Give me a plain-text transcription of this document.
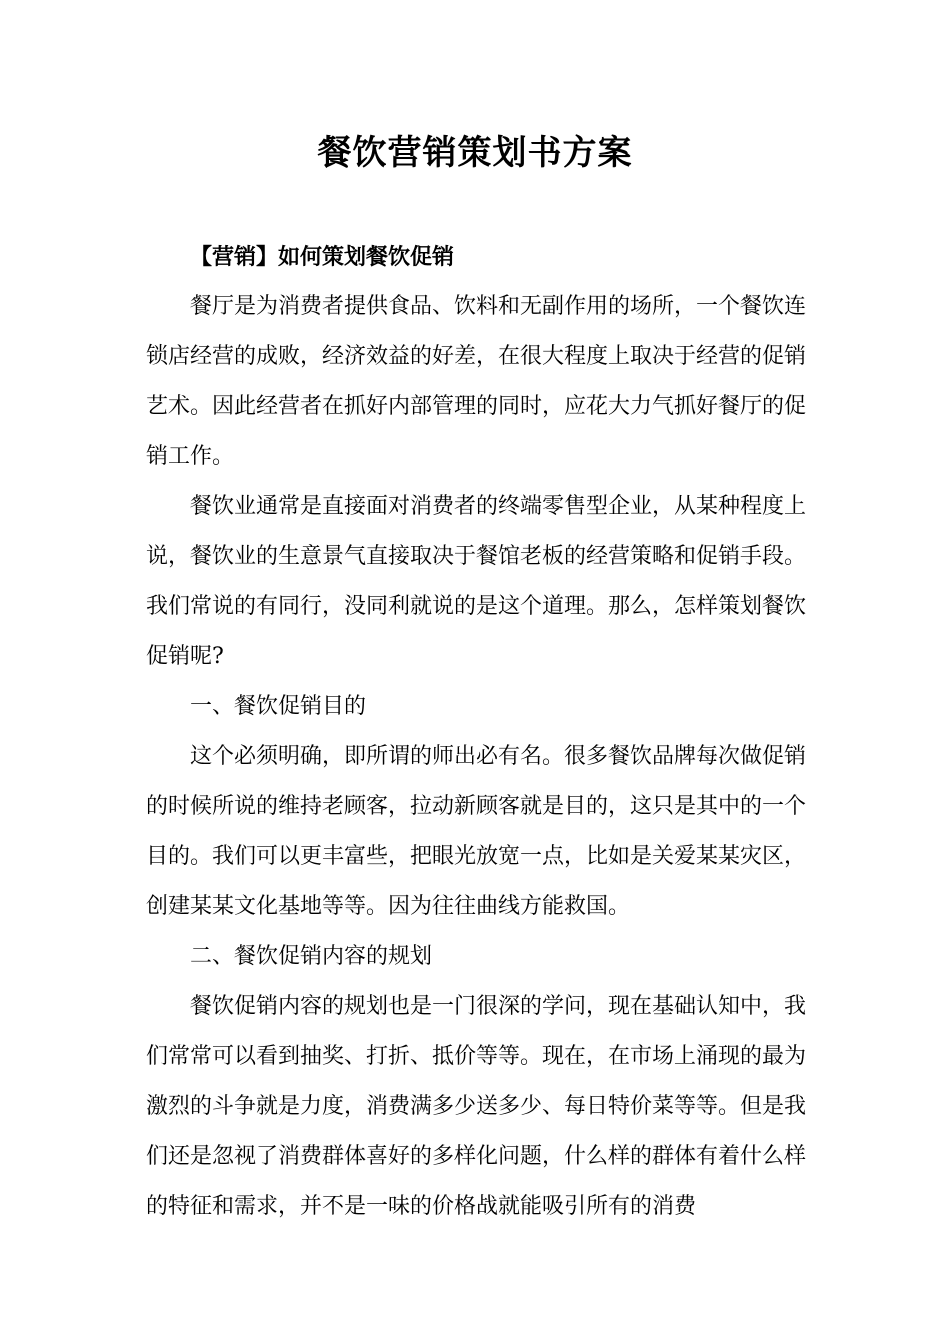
餐饮营销策划书方案

【营销】如何策划餐饮促销

餐厅是为消费者提供食品、饮料和无副作用的场所，一个餐饮连锁店经营的成败，经济效益的好差，在很大程度上取决于经营的促销艺术。因此经营者在抓好内部管理的同时，应花大力气抓好餐厅的促销工作。

餐饮业通常是直接面对消费者的终端零售型企业，从某种程度上说，餐饮业的生意景气直接取决于餐馆老板的经营策略和促销手段。我们常说的有同行，没同利就说的是这个道理。那么，怎样策划餐饮促销呢?

一、餐饮促销目的

这个必须明确，即所谓的师出必有名。很多餐饮品牌每次做促销的时候所说的维持老顾客，拉动新顾客就是目的，这只是其中的一个目的。我们可以更丰富些，把眼光放宽一点，比如是关爱某某灾区，创建某某文化基地等等。因为往往曲线方能救国。

二、餐饮促销内容的规划

餐饮促销内容的规划也是一门很深的学问，现在基础认知中，我们常常可以看到抽奖、打折、抵价等等。现在，在市场上涌现的最为激烈的斗争就是力度，消费满多少送多少、每日特价菜等等。但是我们还是忽视了消费群体喜好的多样化问题，什么样的群体有着什么样的特征和需求，并不是一味的价格战就能吸引所有的消费
